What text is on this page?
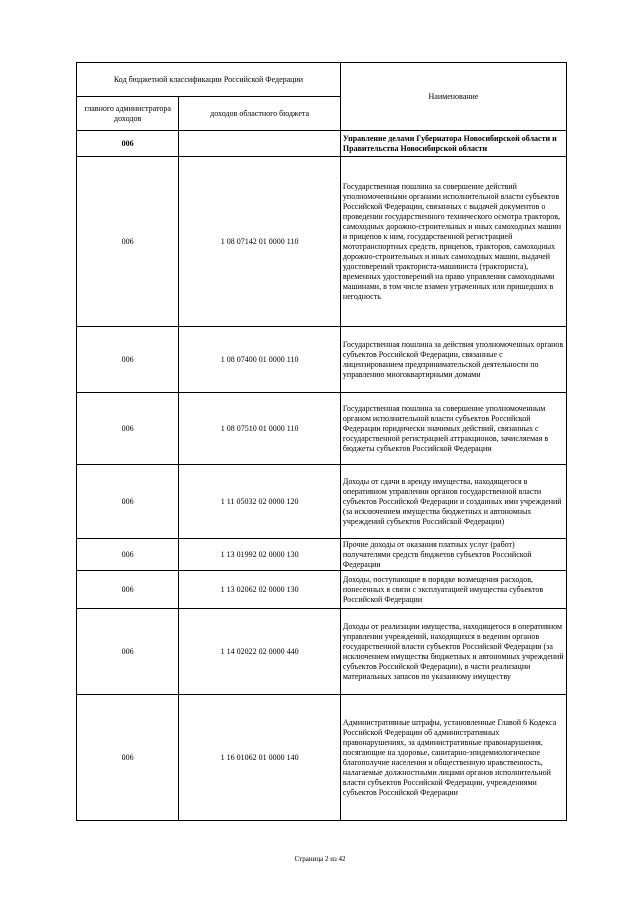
Код бюджетной классификации Российской Федерации		Наименование
главного администратора доходов	доходов областного бюджета	
006		Управление делами Губернатора Новосибирской области и Правительства Новосибирской области
006	1 08 07142 01 0000 110	Государственная пошлина за совершение действий уполномоченными органами исполнительной власти субъектов Российской Федерации, связанных с выдачей документов о проведении государственного технического осмотра тракторов, самоходных дорожно-строительных и иных самоходных машин и прицепов к ним, государственной регистрацией мототранспортных средств, прицепов, тракторов, самоходных дорожно-строительных и иных самоходных машин, выдачей удостоверений тракториста-машиниста (тракториста), временных удостоверений на право управления самоходными машинами, в том числе взамен утраченных или пришедших в негодность
006	1 08 07400 01 0000 110	Государственная пошлина за действия уполномоченных органов субъектов Российской Федерации, связанные с лицензированием предпринимательской деятельности по управлению многоквартирными домами
006	1 08 07510 01 0000 110	Государственная пошлина за совершение уполномоченным органом исполнительной власти субъектов Российской Федерации юридически значимых действий, связанных с государственной регистрацией аттракционов, зачисляемая в бюджеты субъектов Российской Федерации
006	1 11 05032 02 0000 120	Доходы от сдачи в аренду имущества, находящегося в оперативном управлении органов государственной власти субъектов Российской Федерации и созданных ими учреждений (за исключением имущества бюджетных и автономных учреждений субъектов Российской Федерации)
006	1 13 01992 02 0000 130	Прочие доходы от оказания платных услуг (работ) получателями средств бюджетов субъектов Российской Федерации
006	1 13 02062 02 0000 130	Доходы, поступающие в порядке возмещения расходов, понесенных в связи с эксплуатацией имущества субъектов Российской Федерации
006	1 14 02022 02 0000 440	Доходы от реализации имущества, находящегося в оперативном управлении учреждений, находящихся в ведении органов государственной власти субъектов Российской Федерации (за исключением имущества бюджетных и автономных учреждений субъектов Российской Федерации), в части реализации материальных запасов по указанному имуществу
006	1 16 01062 01 0000 140	Административные штрафы, установленные Главой 6 Кодекса Российской Федерации об административных правонарушениях, за административные правонарушения, посягающие на здоровье, санитарно-эпидемиологическое благополучие населения и общественную нравственность, налагаемые должностными лицами органов исполнительной власти субъектов Российской Федерации, учреждениями субъектов Российской Федерации
Страница 2 из 42
